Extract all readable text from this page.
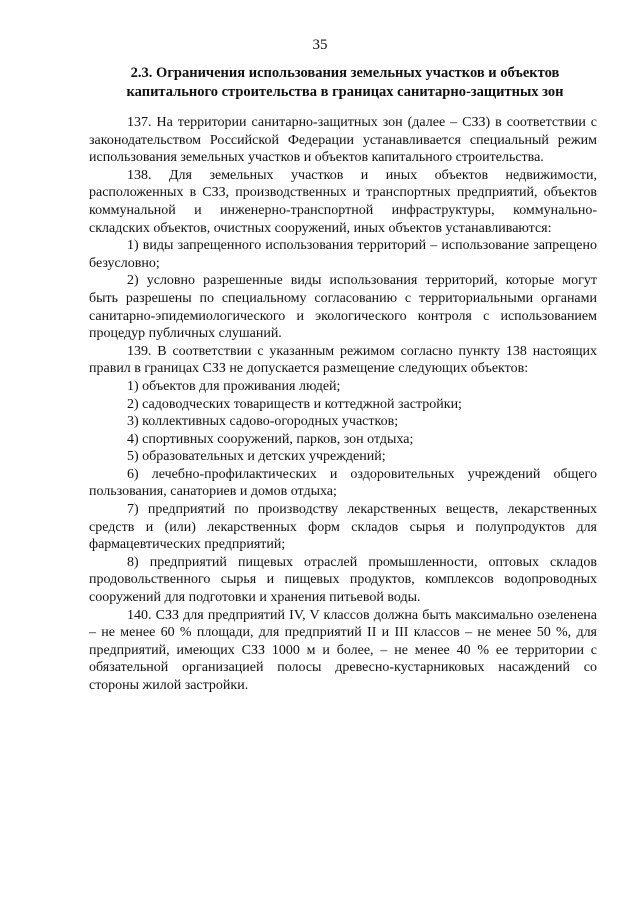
35
2.3. Ограничения использования земельных участков и объектов капитального строительства в границах санитарно-защитных зон

137. На территории санитарно-защитных зон (далее – СЗЗ) в соответствии с законодательством Российской Федерации устанавливается специальный режим использования земельных участков и объектов капитального строительства.

138. Для земельных участков и иных объектов недвижимости, расположенных в СЗЗ, производственных и транспортных предприятий, объектов коммунальной и инженерно-транспортной инфраструктуры, коммунально-складских объектов, очистных сооружений, иных объектов устанавливаются:

1) виды запрещенного использования территорий – использование запрещено безусловно;

2) условно разрешенные виды использования территорий, которые могут быть разрешены по специальному согласованию с территориальными органами санитарно-эпидемиологического и экологического контроля с использованием процедур публичных слушаний.

139. В соответствии с указанным режимом согласно пункту 138 настоящих правил в границах СЗЗ не допускается размещение следующих объектов:

1) объектов для проживания людей;

2) садоводческих товариществ и коттеджной застройки;

3) коллективных садово-огородных участков;

4) спортивных сооружений, парков, зон отдыха;

5) образовательных и детских учреждений;

6) лечебно-профилактических и оздоровительных учреждений общего пользования, санаториев и домов отдыха;

7) предприятий по производству лекарственных веществ, лекарственных средств и (или) лекарственных форм складов сырья и полупродуктов для фармацевтических предприятий;

8) предприятий пищевых отраслей промышленности, оптовых складов продовольственного сырья и пищевых продуктов, комплексов водопроводных сооружений для подготовки и хранения питьевой воды.

140. СЗЗ для предприятий IV, V классов должна быть максимально озеленена – не менее 60 % площади, для предприятий II и III классов – не менее 50 %, для предприятий, имеющих СЗЗ 1000 м и более, – не менее 40 % ее территории с обязательной организацией полосы древесно-кустарниковых насаждений со стороны жилой застройки.
